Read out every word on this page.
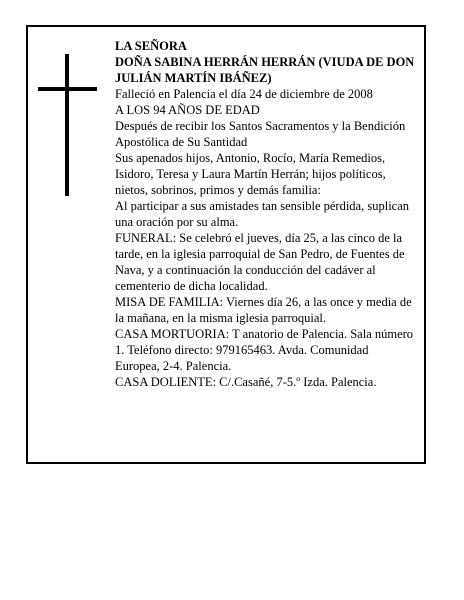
LA SEÑORA

DOÑA SABINA HERRÁN HERRÁN (VIUDA DE DON JULIÁN MARTÍN IBÁÑEZ)

Falleció en Palencia el día 24 de diciembre de 2008

A LOS 94 AÑOS DE EDAD

Después de recibir los Santos Sacramentos y la Bendición Apostólica de Su Santidad

Sus apenados hijos, Antonio, Rocío, María Remedios, Isidoro, Teresa y Laura Martín Herrán; hijos políticos, nietos, sobrinos, primos y demás familia:

Al participar a sus amistades tan sensible pérdida, suplican una oración por su alma.

FUNERAL: Se celebró el jueves, día 25, a las cinco de la tarde, en la iglesia parroquial de San Pedro, de Fuentes de Nava, y a continuación la conducción del cadáver al cementerio de dicha localidad.

MISA DE FAMILIA: Viernes día 26, a las once y media de la mañana, en la misma iglesia parroquial.

CASA MORTUORIA: T anatorio de Palencia. Sala número 1. Teléfono directo: 979165463. Avda. Comunidad Europea, 2-4. Palencia.

CASA DOLIENTE: C/.Casañé, 7-5.º Izda. Palencia.
